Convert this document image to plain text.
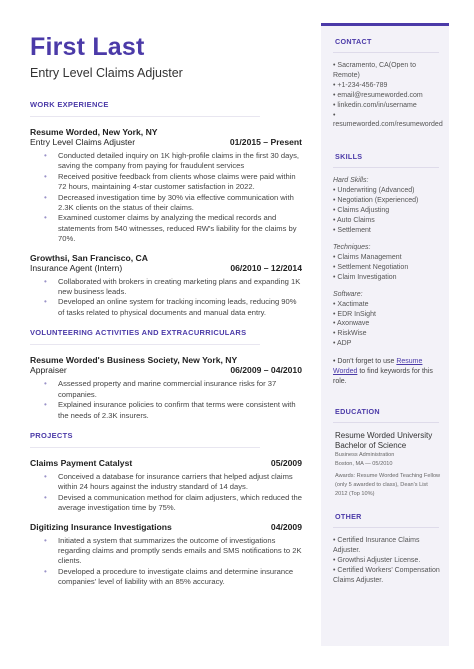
First Last
Entry Level Claims Adjuster
WORK EXPERIENCE
Resume Worded, New York, NY
Entry Level Claims Adjuster	01/2015 – Present
• Conducted detailed inquiry on 1K high-profile claims in the first 30 days, saving the company from paying for fraudulent services
• Received positive feedback from clients whose claims were paid within 72 hours, maintaining 4-star customer satisfaction in 2022.
• Decreased investigation time by 30% via effective communication with 2.3K clients on the status of their claims.
• Examined customer claims by analyzing the medical records and statements from 540 witnesses, reduced RW's liability for the claims by 70%.
Growthsi, San Francisco, CA
Insurance Agent (Intern)	06/2010 – 12/2014
• Collaborated with brokers in creating marketing plans and expanding 1K new business leads.
• Developed an online system for tracking incoming leads, reducing 90% of tasks related to physical documents and manual data entry.
VOLUNTEERING ACTIVITIES AND EXTRACURRICULARS
Resume Worded's Business Society, New York, NY
Appraiser	06/2009 – 04/2010
• Assessed property and marine commercial insurance risks for 37 companies.
• Explained insurance policies to confirm that terms were consistent with the needs of 2.3K insurers.
PROJECTS
Claims Payment Catalyst	05/2009
• Conceived a database for insurance carriers that helped adjust claims within 24 hours against the industry standard of 14 days.
• Devised a communication method for claim adjusters, which reduced the average investigation time by 75%.
Digitizing Insurance Investigations	04/2009
• Initiated a system that summarizes the outcome of investigations regarding claims and promptly sends emails and SMS notifications to 2K clients.
• Developed a procedure to investigate claims and determine insurance companies' level of liability with an 85% accuracy.
CONTACT
• Sacramento, CA(Open to Remote)
• +1-234-456-789
• email@resumeworded.com
• linkedin.com/in/username
• resumeworded.com/resumeworded
SKILLS
Hard Skills:
• Underwriting (Advanced)
• Negotiation (Experienced)
• Claims Adjusting
• Auto Claims
• Settlement
Techniques:
• Claims Management
• Settlement Negotiation
• Claim Investigation
Software:
• Xactimate
• EDR InSight
• Axonwave
• RiskWise
• ADP
• Don't forget to use Resume Worded to find keywords for this role.
EDUCATION
Resume Worded University
Bachelor of Science
Business Administration
Boston, MA — 05/2010
Awards: Resume Worded Teaching Fellow (only 5 awarded to class), Dean's List 2012 (Top 10%)
OTHER
• Certified Insurance Claims Adjuster.
• Growthsi Adjuster License.
• Certified Workers' Compensation Claims Adjuster.
